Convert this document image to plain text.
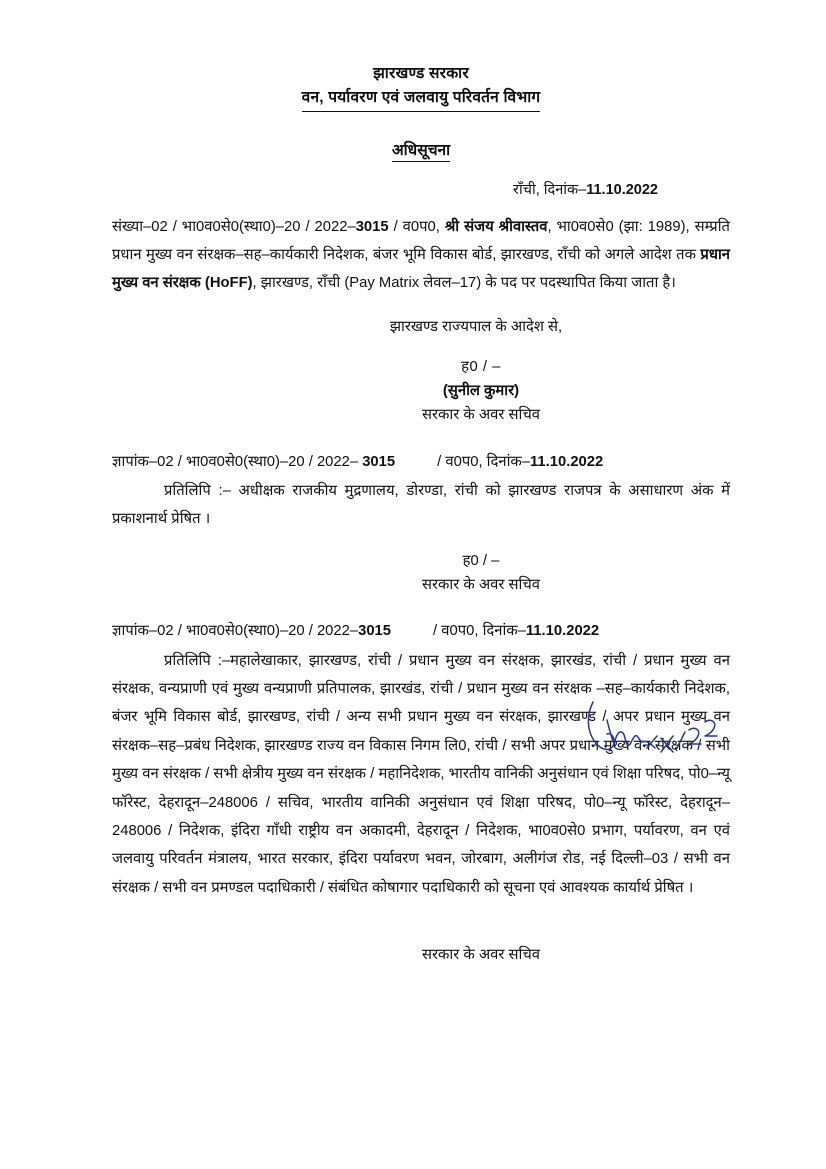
झारखण्ड सरकार
वन, पर्यावरण एवं जलवायु परिवर्तन विभाग
अधिसूचना
राँची, दिनांक–11.10.2022

संख्या–02 / भा0व0से0(स्था0)–20 / 2022–3015 / व0प0, श्री संजय श्रीवास्तव, भा0व0से0 (झा: 1989), सम्प्रति प्रधान मुख्य वन संरक्षक–सह–कार्यकारी निदेशक, बंजर भूमि विकास बोर्ड, झारखण्ड, राँची को अगले आदेश तक प्रधान मुख्य वन संरक्षक (HoFF), झारखण्ड, राँची (Pay Matrix लेवल–17) के पद पर पदस्थापित किया जाता है।

झारखण्ड राज्यपाल के आदेश से,
ह0 / –
(सुनील कुमार)
सरकार के अवर सचिव
ज्ञापांक–02 / भा0व0से0(स्था0)–20 / 2022– 3015	/ व0प0, दिनांक–11.10.2022
प्रतिलिपि :– अधीक्षक राजकीय मुद्रणालय, डोरण्डा, रांची को झारखण्ड राजपत्र के असाधारण अंक में प्रकाशनार्थ प्रेषित ।
ह0 / –
सरकार के अवर सचिव
ज्ञापांक–02 / भा0व0से0(स्था0)–20 / 2022–3015	/ व0प0, दिनांक–11.10.2022
प्रतिलिपि :–महालेखाकार, झारखण्ड, रांची / प्रधान मुख्य वन संरक्षक, झारखंड, रांची / प्रधान मुख्य वन संरक्षक, वन्यप्राणी एवं मुख्य वन्यप्राणी प्रतिपालक, झारखंड, रांची / प्रधान मुख्य वन संरक्षक –सह–कार्यकारी निदेशक, बंजर भूमि विकास बोर्ड, झारखण्ड, रांची / अन्य सभी प्रधान मुख्य वन संरक्षक, झारखण्ड / अपर प्रधान मुख्य वन संरक्षक–सह–प्रबंध निदेशक, झारखण्ड राज्य वन विकास निगम लि0, रांची / सभी अपर प्रधान मुख्य वन संरक्षक / सभी मुख्य वन संरक्षक / सभी क्षेत्रीय मुख्य वन संरक्षक / महानिदेशक, भारतीय वानिकी अनुसंधान एवं शिक्षा परिषद, पो0–न्यू फॉरेस्ट, देहरादून–248006 / सचिव, भारतीय वानिकी अनुसंधान एवं शिक्षा परिषद, पो0–न्यू फॉरेस्ट, देहरादून–248006 / निदेशक, इंदिरा गाँधी राष्ट्रीय वन अकादमी, देहरादून / निदेशक, भा0व0से0 प्रभाग, पर्यावरण, वन एवं जलवायु परिवर्तन मंत्रालय, भारत सरकार, इंदिरा पर्यावरण भवन, जोरबाग, अलीगंज रोड, नई दिल्ली–03 / सभी वन संरक्षक / सभी वन प्रमण्डल पदाधिकारी / संबंधित कोषागार पदाधिकारी को सूचना एवं आवश्यक कार्यार्थ प्रेषित ।
सरकार के अवर सचिव
